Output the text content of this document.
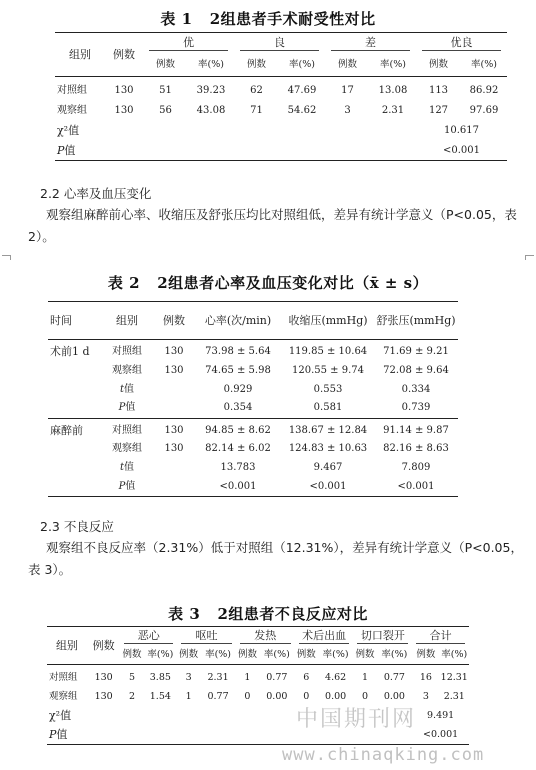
表 1 2组患者手术耐受性对比
组别	例数	优		良		差		优良	

		例数	率(%)	例数	率(%)	例数	率(%)	例数	率(%)

对照组	130	51	39.23	62	47.69	17	13.08	113	86.92
观察组	130	56	43.08	71	54.62	3	2.31	127	97.69
χ²值								10.617	
P值								<0.001	
2.2 心率及血压变化
观察组麻醉前心率、收缩压及舒张压均比对照组低，差异有统计学意义（P<0.05，表 2）。
表 2 2组患者心率及血压变化对比（x̄ ± s）
时间	组别	例数	心率(次/min)	收缩压(mmHg)	舒张压(mmHg)

术前1 d	对照组	130	73.98 ± 5.64	119.85 ± 10.64	71.69 ± 9.21
	观察组	130	74.65 ± 5.98	120.55 ± 9.74	72.08 ± 9.64
	t值		0.929	0.553	0.334
	P值		0.354	0.581	0.739

麻醉前	对照组	130	94.85 ± 8.62	138.67 ± 12.84	91.14 ± 9.87
	观察组	130	82.14 ± 6.02	124.83 ± 10.63	82.16 ± 8.63
	t值		13.783	9.467	7.809
	P值		<0.001	<0.001	<0.001
2.3 不良反应
观察组不良反应率（2.31%）低于对照组（12.31%），差异有统计学意义（P<0.05，表 3）。
表 3 2组患者不良反应对比
组别	例数	恶心		呕吐		发热		术后出血		切口裂开		合计	

		例数	率(%)	例数	率(%)	例数	率(%)	例数	率(%)	例数	率(%)	例数	率(%)

对照组	130	5	3.85	3	2.31	1	0.77	6	4.62	1	0.77	16	12.31
观察组	130	2	1.54	1	0.77	0	0.00	0	0.00	0	0.00	3	2.31
χ²值												9.491	
P值												<0.001	
中国期刊网
www.chinaqking.com
